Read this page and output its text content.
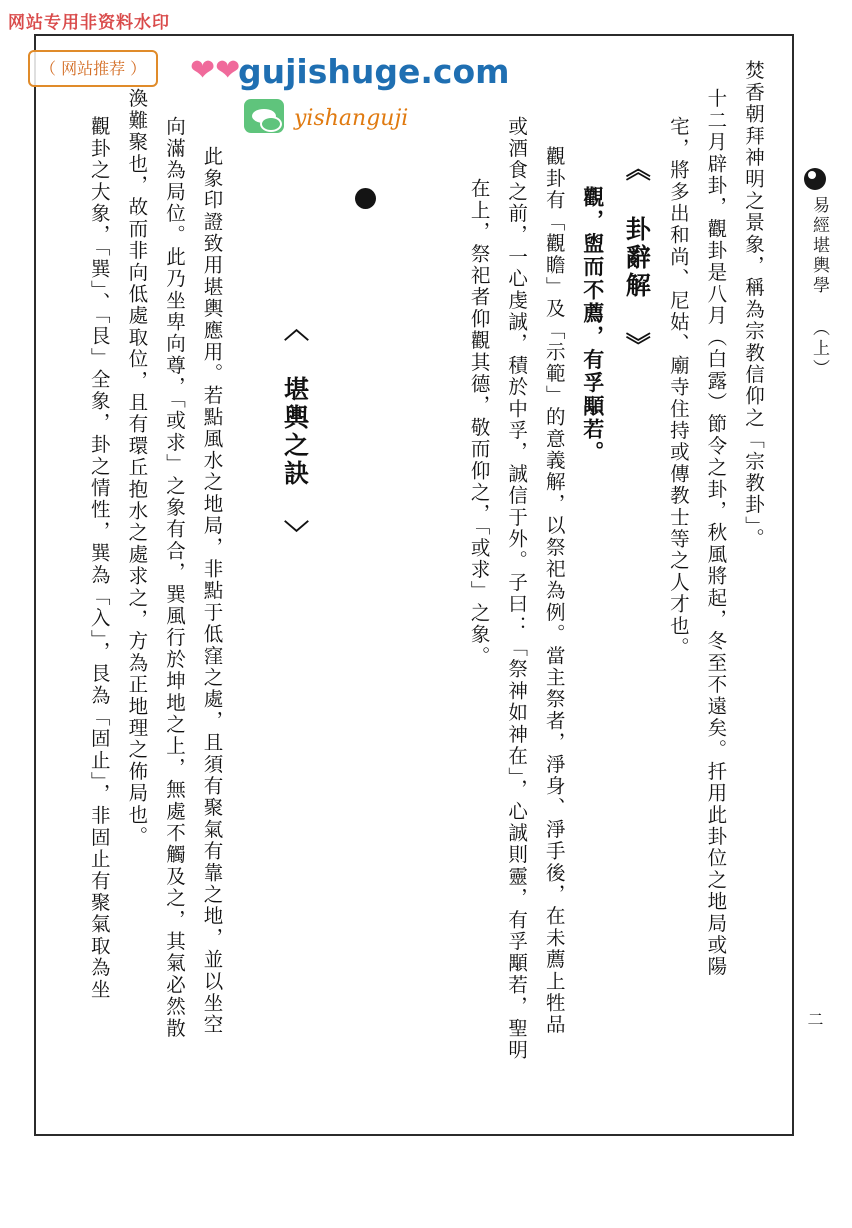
网站专用非资料水印
（ 网站推荐 ）	❤❤
gujishuge.com
yishanguji
易經堪輿學 （上）
二
焚香朝拜神明之景象，稱為宗教信仰之「宗教卦」。
十二月辟卦，觀卦是八月（白露）節令之卦，秋風將起，冬至不遠矣。扦用此卦位之地局或陽
宅，將多出和尚、尼姑、廟寺住持或傳教士等之人才也。
《 卦辭解 》
觀，盥而不薦，有孚顒若。
觀卦有「觀瞻」及「示範」的意義解，以祭祀為例。當主祭者，淨身、淨手後，在未薦上牲品
或酒食之前，一心虔誠，積於中孚，誠信于外。子曰：「祭神如神在」，心誠則靈，有孚顒若，聖明
在上，祭祀者仰觀其德，敬而仰之，「或求」之象。

〈 堪輿之訣 〉

此象印證致用堪輿應用。若點風水之地局，非點于低窪之處，且須有聚氣有靠之地，並以坐空
向滿為局位。此乃坐卑向尊，「或求」之象有合，巽風行於坤地之上，無處不觸及之，其氣必然散
渙難聚也，故而非向低處取位，且有環丘抱水之處求之，方為正地理之佈局也。
觀卦之大象，「巽」、「艮」全象，卦之情性，巽為「入」，艮為「固止」，非固止有聚氣取為坐
